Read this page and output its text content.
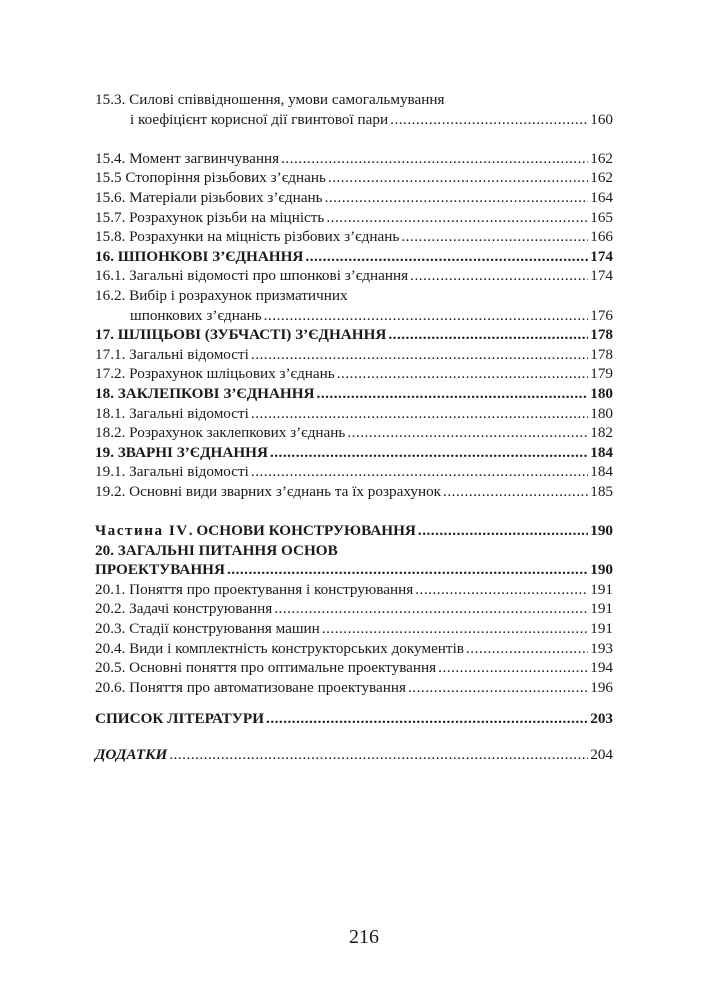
15.3. Силові співвідношення, умови самогальмування
і коефіцієнт корисної дії гвинтової пари .....	160
15.4. Момент загвинчування .....	162
15.5 Стопоріння різьбових з’єднань .....	162
15.6. Матеріали різьбових з’єднань .....	164
15.7. Розрахунок різьби на міцність .....	165
15.8. Розрахунки на міцність різбових з’єднань .....	166
16. ШПОНКОВІ З’ЄДНАННЯ .....	174
16.1. Загальні відомості про шпонкові з’єднання .....	174
16.2. Вибір і розрахунок призматичних
шпонкових з’єднань .....	176
17. ШЛІЦЬОВІ (ЗУБЧАСТІ) З’ЄДНАННЯ .....	178
17.1. Загальні відомості .....	178
17.2. Розрахунок шліцьових з’єднань .....	179
18. ЗАКЛЕПКОВІ З’ЄДНАННЯ .....	180
18.1. Загальні відомості .....	180
18.2. Розрахунок заклепкових з’єднань .....	182
19. ЗВАРНІ З’ЄДНАННЯ .....	184
19.1. Загальні відомості .....	184
19.2. Основні види зварних з’єднань та їх розрахунок .....	185
Частина IV. ОСНОВИ КОНСТРУЮВАННЯ .....	190
20. ЗАГАЛЬНІ ПИТАННЯ ОСНОВ
ПРОЕКТУВАННЯ .....	190
20.1. Поняття про проектування і конструювання .....	191
20.2. Задачі конструювання .....	191
20.3. Стадії конструювання машин .....	191
20.4. Види і комплектність конструкторських документів .....	193
20.5. Основні поняття про оптимальне проектування .....	194
20.6. Поняття про автоматизоване проектування .....	196
СПИСОК ЛІТЕРАТУРИ .....	203
ДОДАТКИ .....	204
216
